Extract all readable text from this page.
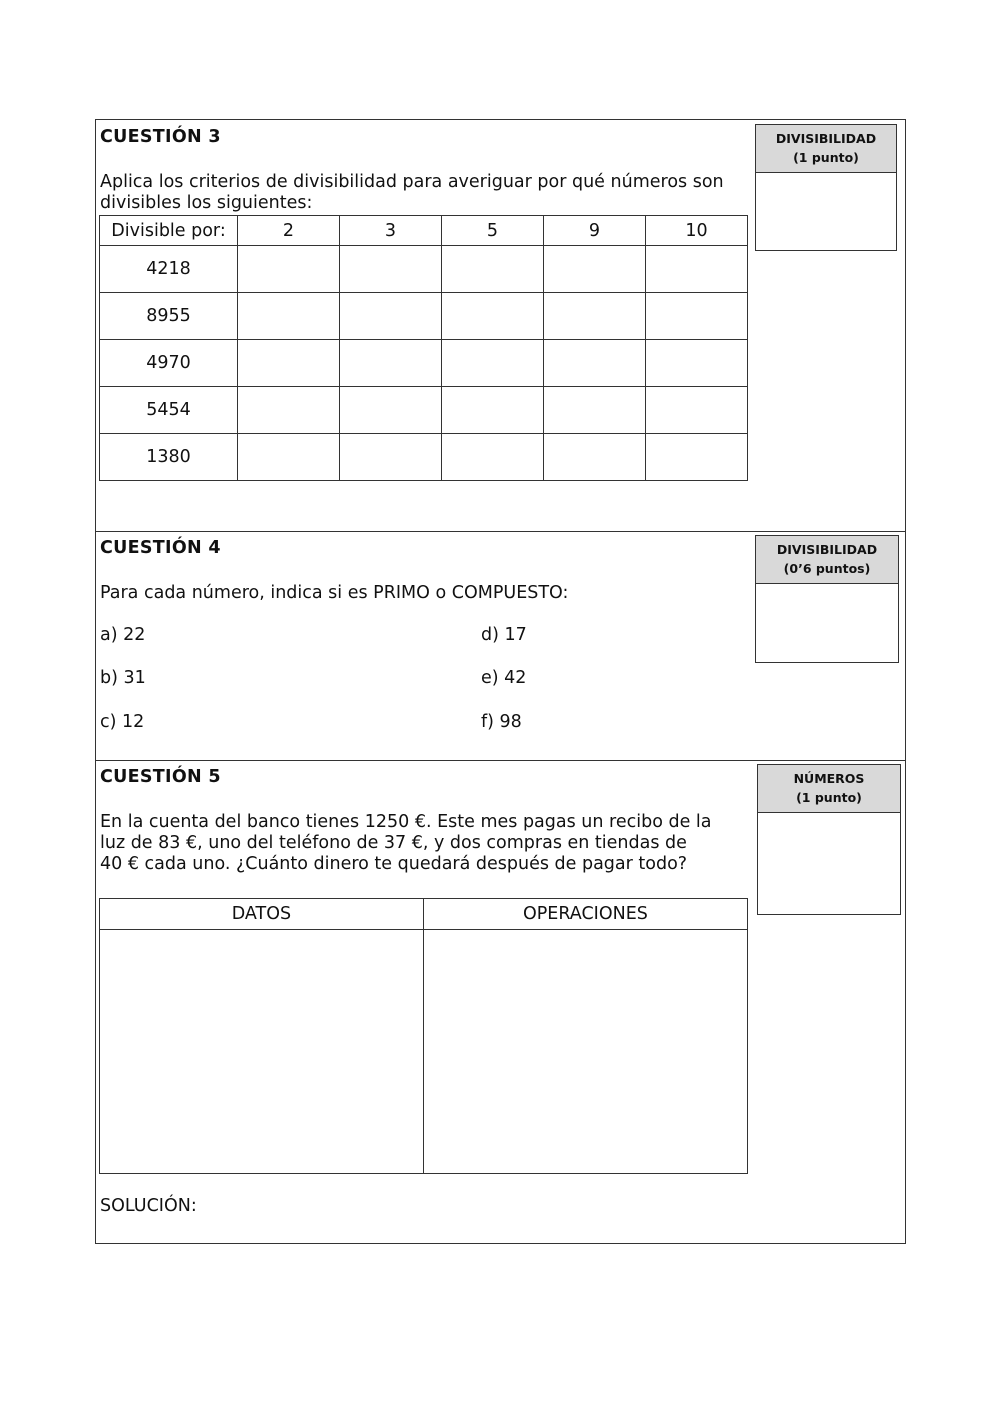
CUESTIÓN 3
Aplica los criterios de divisibilidad para averiguar por qué números son divisibles los siguientes:
DIVISIBILIDAD
(1 punto)
Divisible por:	2	3	5	9	10
4218					
8955					
4970					
5454					
1380					
CUESTIÓN 4
Para cada número, indica si es PRIMO o COMPUESTO:
DIVISIBILIDAD
(0’6 puntos)
a) 22
b) 31
c) 12
d) 17
e) 42
f) 98
CUESTIÓN 5
En la cuenta del banco tienes 1250 €. Este mes pagas un recibo de la
luz de 83 €, uno del teléfono de 37 €, y dos compras en tiendas de
40 € cada uno. ¿Cuánto dinero te quedará después de pagar todo?
NÚMEROS
(1 punto)
DATOS	OPERACIONES

SOLUCIÓN:
